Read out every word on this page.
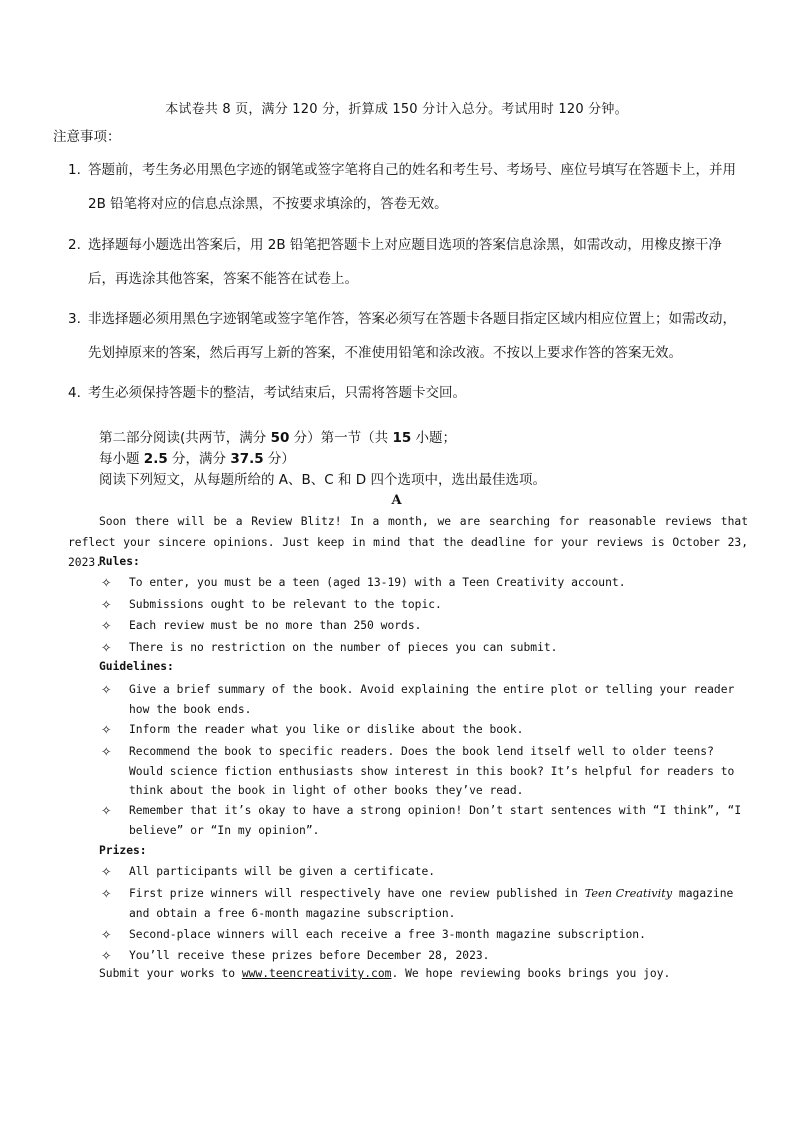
本试卷共 8 页，满分 120 分，折算成 150 分计入总分。考试用时 120 分钟。
注意事项：
1. 答题前，考生务必用黑色字迹的钢笔或签字笔将自己的姓名和考生号、考场号、座位号填写在答题卡上，并用 2B 铅笔将对应的信息点涂黑，不按要求填涂的，答卷无效。
2. 选择题每小题选出答案后，用 2B 铅笔把答题卡上对应题目选项的答案信息涂黑，如需改动，用橡皮擦干净后，再选涂其他答案，答案不能答在试卷上。
3. 非选择题必须用黑色字迹钢笔或签字笔作答，答案必须写在答题卡各题目指定区域内相应位置上；如需改动，先划掉原来的答案，然后再写上新的答案，不准使用铅笔和涂改液。不按以上要求作答的答案无效。
4. 考生必须保持答题卡的整洁，考试结束后，只需将答题卡交回。
第二部分阅读(共两节，满分 50 分）第一节（共 15 小题；
每小题 2.5 分，满分 37.5 分）
阅读下列短文，从每题所给的 A、B、C 和 D 四个选项中，选出最佳选项。
A
Soon there will be a Review Blitz! In a month, we are searching for reasonable reviews that reflect your sincere opinions. Just keep in mind that the deadline for your reviews is October 23, 2023.
Rules:
✧ To enter, you must be a teen (aged 13-19) with a Teen Creativity account.
✧ Submissions ought to be relevant to the topic.
✧ Each review must be no more than 250 words.
✧ There is no restriction on the number of pieces you can submit.
Guidelines:
✧ Give a brief summary of the book. Avoid explaining the entire plot or telling your reader how the book ends.
✧ Inform the reader what you like or dislike about the book.
✧ Recommend the book to specific readers. Does the book lend itself well to older teens? Would science fiction enthusiasts show interest in this book? It’s helpful for readers to think about the book in light of other books they’ve read.
✧ Remember that it’s okay to have a strong opinion! Don’t start sentences with “I think”, “I believe” or “In my opinion”.
Prizes:
✧ All participants will be given a certificate.
✧ First prize winners will respectively have one review published in Teen Creativity magazine and obtain a free 6-month magazine subscription.
✧ Second-place winners will each receive a free 3-month magazine subscription.
✧ You’ll receive these prizes before December 28, 2023.
Submit your works to www.teencreativity.com. We hope reviewing books brings you joy.
